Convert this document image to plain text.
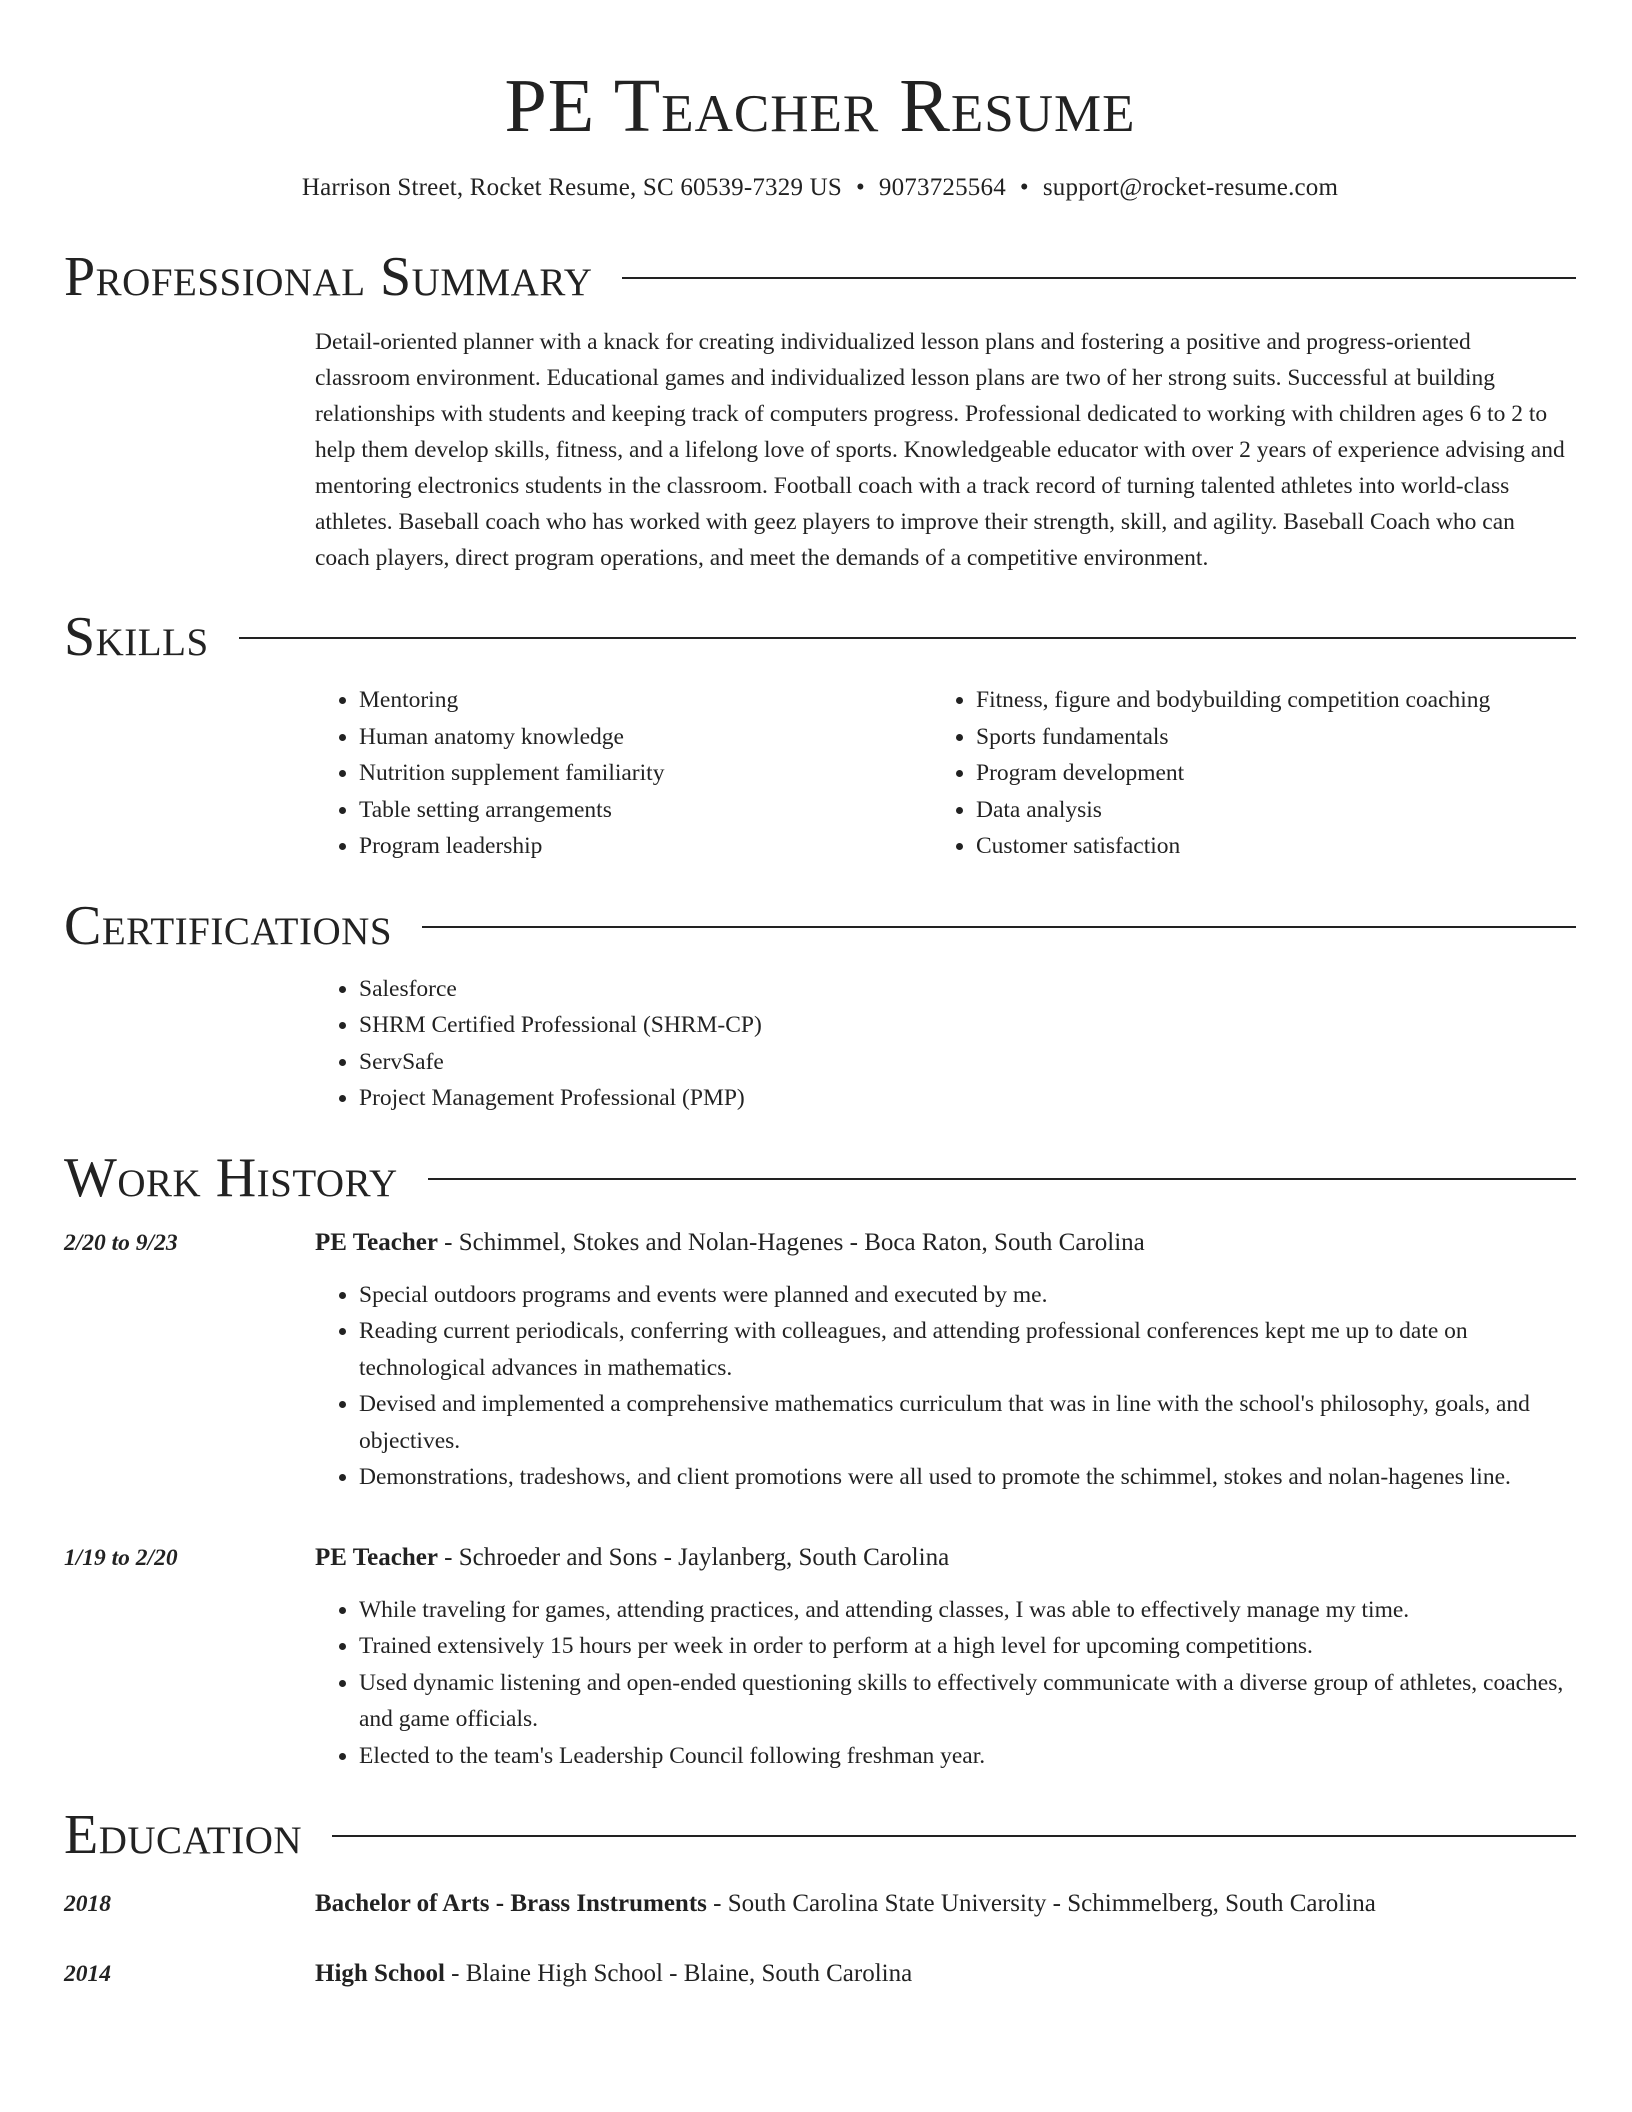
PE Teacher Resume
Harrison Street, Rocket Resume, SC 60539-7329 US • 9073725564 • support@rocket-resume.com
Professional Summary
Detail-oriented planner with a knack for creating individualized lesson plans and fostering a positive and progress-oriented classroom environment. Educational games and individualized lesson plans are two of her strong suits. Successful at building relationships with students and keeping track of computers progress. Professional dedicated to working with children ages 6 to 2 to help them develop skills, fitness, and a lifelong love of sports. Knowledgeable educator with over 2 years of experience advising and mentoring electronics students in the classroom. Football coach with a track record of turning talented athletes into world-class athletes. Baseball coach who has worked with geez players to improve their strength, skill, and agility. Baseball Coach who can coach players, direct program operations, and meet the demands of a competitive environment.
Skills
• Mentoring
• Human anatomy knowledge
• Nutrition supplement familiarity
• Table setting arrangements
• Program leadership
• Fitness, figure and bodybuilding competition coaching
• Sports fundamentals
• Program development
• Data analysis
• Customer satisfaction
Certifications
• Salesforce
• SHRM Certified Professional (SHRM-CP)
• ServSafe
• Project Management Professional (PMP)
Work History
2/20 to 9/23	PE Teacher - Schimmel, Stokes and Nolan-Hagenes - Boca Raton, South Carolina
• Special outdoors programs and events were planned and executed by me.
• Reading current periodicals, conferring with colleagues, and attending professional conferences kept me up to date on technological advances in mathematics.
• Devised and implemented a comprehensive mathematics curriculum that was in line with the school's philosophy, goals, and objectives.
• Demonstrations, tradeshows, and client promotions were all used to promote the schimmel, stokes and nolan-hagenes line.
1/19 to 2/20	PE Teacher - Schroeder and Sons - Jaylanberg, South Carolina
• While traveling for games, attending practices, and attending classes, I was able to effectively manage my time.
• Trained extensively 15 hours per week in order to perform at a high level for upcoming competitions.
• Used dynamic listening and open-ended questioning skills to effectively communicate with a diverse group of athletes, coaches, and game officials.
• Elected to the team's Leadership Council following freshman year.
Education
2018	Bachelor of Arts - Brass Instruments - South Carolina State University - Schimmelberg, South Carolina
2014	High School - Blaine High School - Blaine, South Carolina
